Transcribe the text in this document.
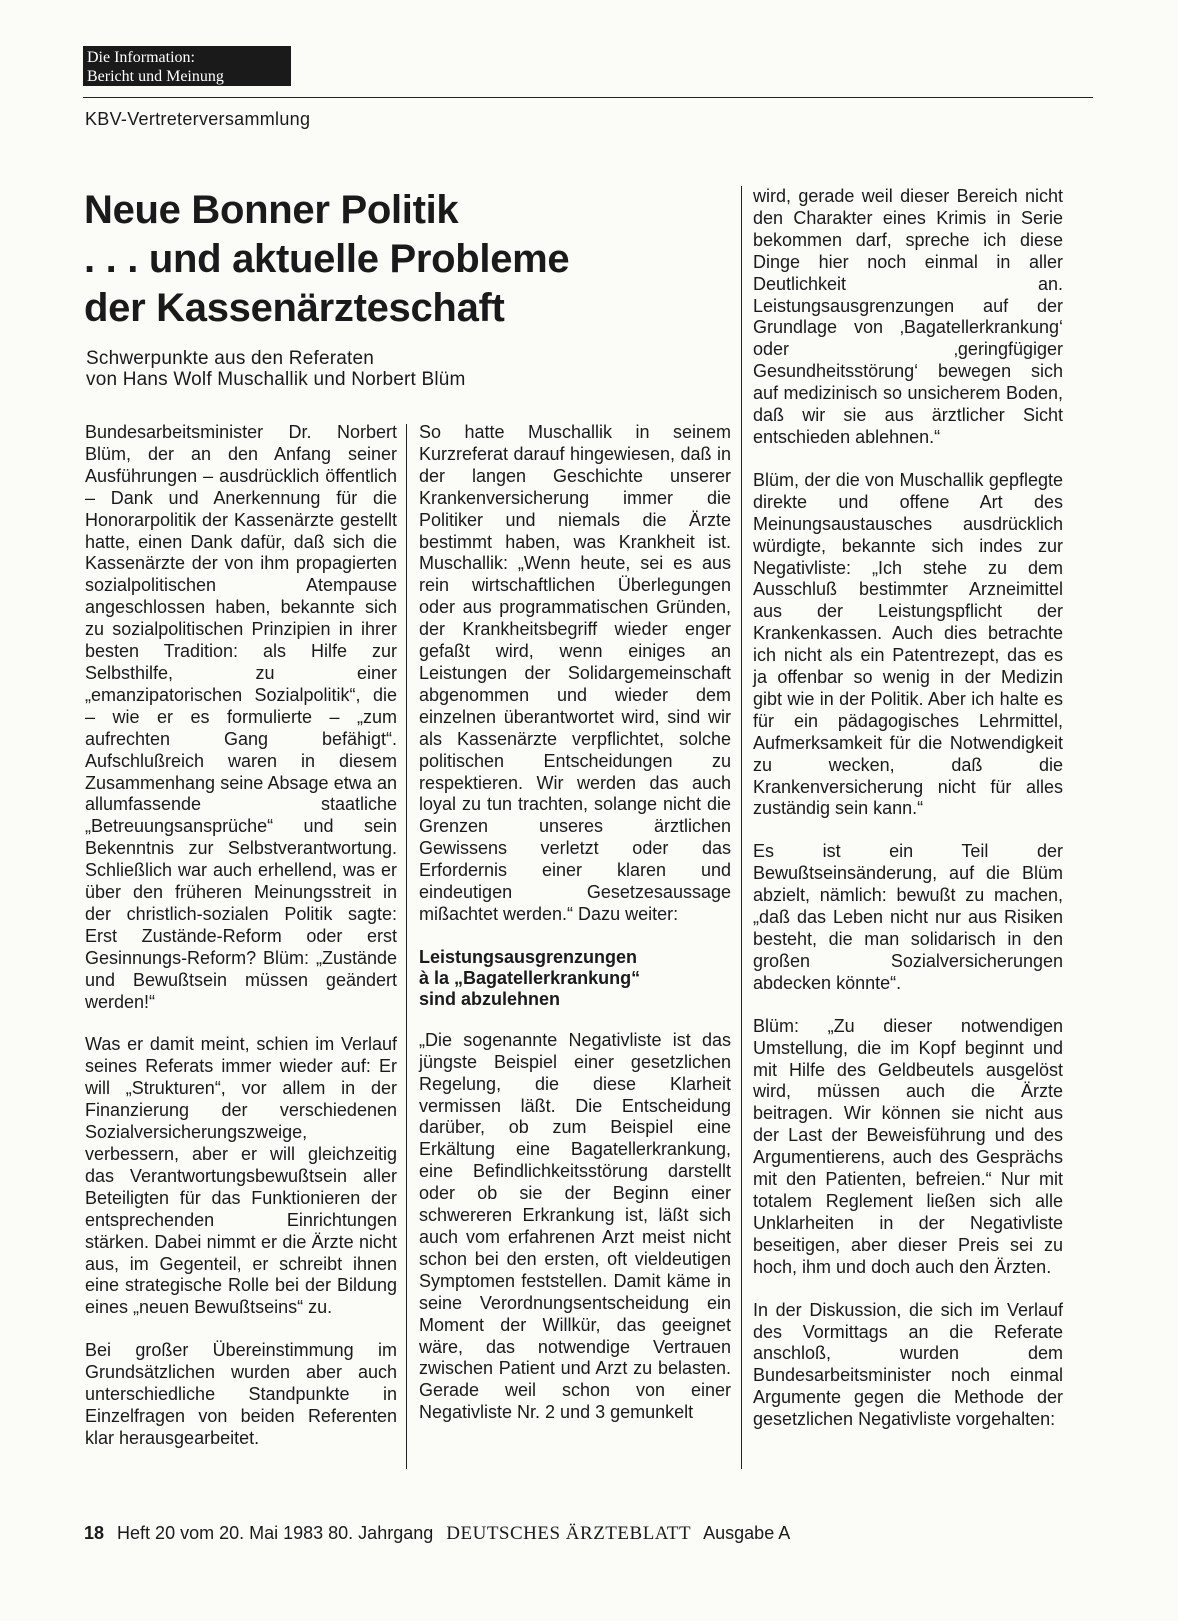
Die Information:
Bericht und Meinung
KBV-Vertreterversammlung
Neue Bonner Politik
. . . und aktuelle Probleme
der Kassenärzteschaft
Schwerpunkte aus den Referaten
von Hans Wolf Muschallik und Norbert Blüm

Bundesarbeitsminister Dr. Norbert Blüm, der an den Anfang seiner Ausführungen – ausdrücklich öffentlich – Dank und Anerkennung für die Honorarpolitik der Kassenärzte gestellt hatte, einen Dank dafür, daß sich die Kassenärzte der von ihm propagierten sozialpolitischen Atempause angeschlossen haben, bekannte sich zu sozialpolitischen Prinzipien in ihrer besten Tradition: als Hilfe zur Selbsthilfe, zu einer „emanzipatorischen Sozialpolitik“, die – wie er es formulierte – „zum aufrechten Gang befähigt“. Aufschlußreich waren in diesem Zusammenhang seine Absage etwa an allumfassende staatliche „Betreuungsansprüche“ und sein Bekenntnis zur Selbstverantwortung. Schließlich war auch erhellend, was er über den früheren Meinungsstreit in der christlich-sozialen Politik sagte: Erst Zustände-Reform oder erst Gesinnungs-Reform? Blüm: „Zustände und Bewußtsein müssen geändert werden!“

Was er damit meint, schien im Verlauf seines Referats immer wieder auf: Er will „Strukturen“, vor allem in der Finanzierung der verschiedenen Sozialversicherungszweige, verbessern, aber er will gleichzeitig das Verantwortungsbewußtsein aller Beteiligten für das Funktionieren der entsprechenden Einrichtungen stärken. Dabei nimmt er die Ärzte nicht aus, im Gegenteil, er schreibt ihnen eine strategische Rolle bei der Bildung eines „neuen Bewußtseins“ zu.

Bei großer Übereinstimmung im Grundsätzlichen wurden aber auch unterschiedliche Standpunkte in Einzelfragen von beiden Referenten klar herausgearbeitet.

So hatte Muschallik in seinem Kurzreferat darauf hingewiesen, daß in der langen Geschichte unserer Krankenversicherung immer die Politiker und niemals die Ärzte bestimmt haben, was Krankheit ist. Muschallik: „Wenn heute, sei es aus rein wirtschaftlichen Überlegungen oder aus programmatischen Gründen, der Krankheitsbegriff wieder enger gefaßt wird, wenn einiges an Leistungen der Solidargemeinschaft abgenommen und wieder dem einzelnen überantwortet wird, sind wir als Kassenärzte verpflichtet, solche politischen Entscheidungen zu respektieren. Wir werden das auch loyal zu tun trachten, solange nicht die Grenzen unseres ärztlichen Gewissens verletzt oder das Erfordernis einer klaren und eindeutigen Gesetzesaussage mißachtet werden.“ Dazu weiter:

Leistungsausgrenzungen
à la „Bagatellerkrankung“
sind abzulehnen

„Die sogenannte Negativliste ist das jüngste Beispiel einer gesetzlichen Regelung, die diese Klarheit vermissen läßt. Die Entscheidung darüber, ob zum Beispiel eine Erkältung eine Bagatellerkrankung, eine Befindlichkeitsstörung darstellt oder ob sie der Beginn einer schwereren Erkrankung ist, läßt sich auch vom erfahrenen Arzt meist nicht schon bei den ersten, oft vieldeutigen Symptomen feststellen. Damit käme in seine Verordnungsentscheidung ein Moment der Willkür, das geeignet wäre, das notwendige Vertrauen zwischen Patient und Arzt zu belasten. Gerade weil schon von einer Negativliste Nr. 2 und 3 gemunkelt

wird, gerade weil dieser Bereich nicht den Charakter eines Krimis in Serie bekommen darf, spreche ich diese Dinge hier noch einmal in aller Deutlichkeit an. Leistungsausgrenzungen auf der Grundlage von ‚Bagatellerkrankung‘ oder ‚geringfügiger Gesundheitsstörung‘ bewegen sich auf medizinisch so unsicherem Boden, daß wir sie aus ärztlicher Sicht entschieden ablehnen.“

Blüm, der die von Muschallik gepflegte direkte und offene Art des Meinungsaustausches ausdrücklich würdigte, bekannte sich indes zur Negativliste: „Ich stehe zu dem Ausschluß bestimmter Arzneimittel aus der Leistungspflicht der Krankenkassen. Auch dies betrachte ich nicht als ein Patentrezept, das es ja offenbar so wenig in der Medizin gibt wie in der Politik. Aber ich halte es für ein pädagogisches Lehrmittel, Aufmerksamkeit für die Notwendigkeit zu wecken, daß die Krankenversicherung nicht für alles zuständig sein kann.“

Es ist ein Teil der Bewußtseinsänderung, auf die Blüm abzielt, nämlich: bewußt zu machen, „daß das Leben nicht nur aus Risiken besteht, die man solidarisch in den großen Sozialversicherungen abdecken könnte“.

Blüm: „Zu dieser notwendigen Umstellung, die im Kopf beginnt und mit Hilfe des Geldbeutels ausgelöst wird, müssen auch die Ärzte beitragen. Wir können sie nicht aus der Last der Beweisführung und des Argumentierens, auch des Gesprächs mit den Patienten, befreien.“ Nur mit totalem Reglement ließen sich alle Unklarheiten in der Negativliste beseitigen, aber dieser Preis sei zu hoch, ihm und doch auch den Ärzten.

In der Diskussion, die sich im Verlauf des Vormittags an die Referate anschloß, wurden dem Bundesarbeitsminister noch einmal Argumente gegen die Methode der gesetzlichen Negativliste vorgehalten:

18 Heft 20 vom 20. Mai 1983 80. Jahrgang DEUTSCHES ÄRZTEBLATT Ausgabe A
